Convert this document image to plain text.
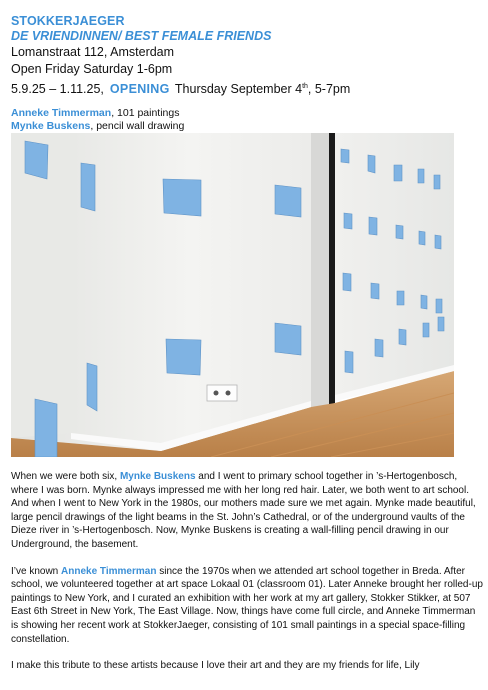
STOKKERJAEGER
DE VRIENDINNEN/ BEST FEMALE FRIENDS
Lomanstraat 112, Amsterdam
Open Friday Saturday 1-6pm
5.9.25 – 1.11.25, OPENING Thursday September 4th, 5-7pm
Anneke Timmerman, 101 paintings
Mynke Buskens, pencil wall drawing

When we were both six, Mynke Buskens and I went to primary school together in ’s-Hertogenbosch, where I was born. Mynke always impressed me with her long red hair. Later, we both went to art school. And when I went to New York in the 1980s, our mothers made sure we met again. Mynke made beautiful, large pencil drawings of the light beams in the St. John’s Cathedral, or of the underground vaults of the Dieze river in ’s-Hertogenbosch. Now, Mynke Buskens is creating a wall-filling pencil drawing in our Underground, the basement.

I’ve known Anneke Timmerman since the 1970s when we attended art school together in Breda. After school, we volunteered together at art space Lokaal 01 (classroom 01). Later Anneke brought her rolled-up paintings to New York, and I curated an exhibition with her work at my art gallery, Stokker Stikker, at 507 East 6th Street in New York, The East Village. Now, things have come full circle, and Anneke Timmerman is showing her recent work at StokkerJaeger, consisting of 101 small paintings in a special space-filling constellation.

I make this tribute to these artists because I love their art and they are my friends for life, Lily
